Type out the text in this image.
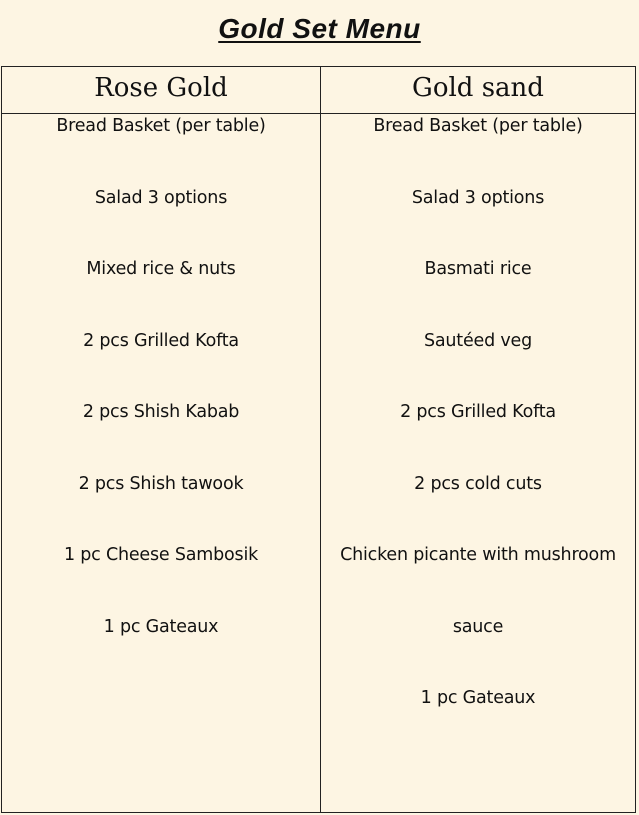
Gold Set Menu
Rose Gold
Bread Basket (per table)
Salad 3 options
Mixed rice & nuts
2 pcs Grilled Kofta
2 pcs Shish Kabab
2 pcs Shish tawook
1 pc Cheese Sambosik
1 pc Gateaux
Gold sand
Bread Basket (per table)
Salad 3 options
Basmati rice
Sautéed veg
2 pcs Grilled Kofta
2 pcs cold cuts
Chicken picante with mushroom
sauce
1 pc Gateaux
